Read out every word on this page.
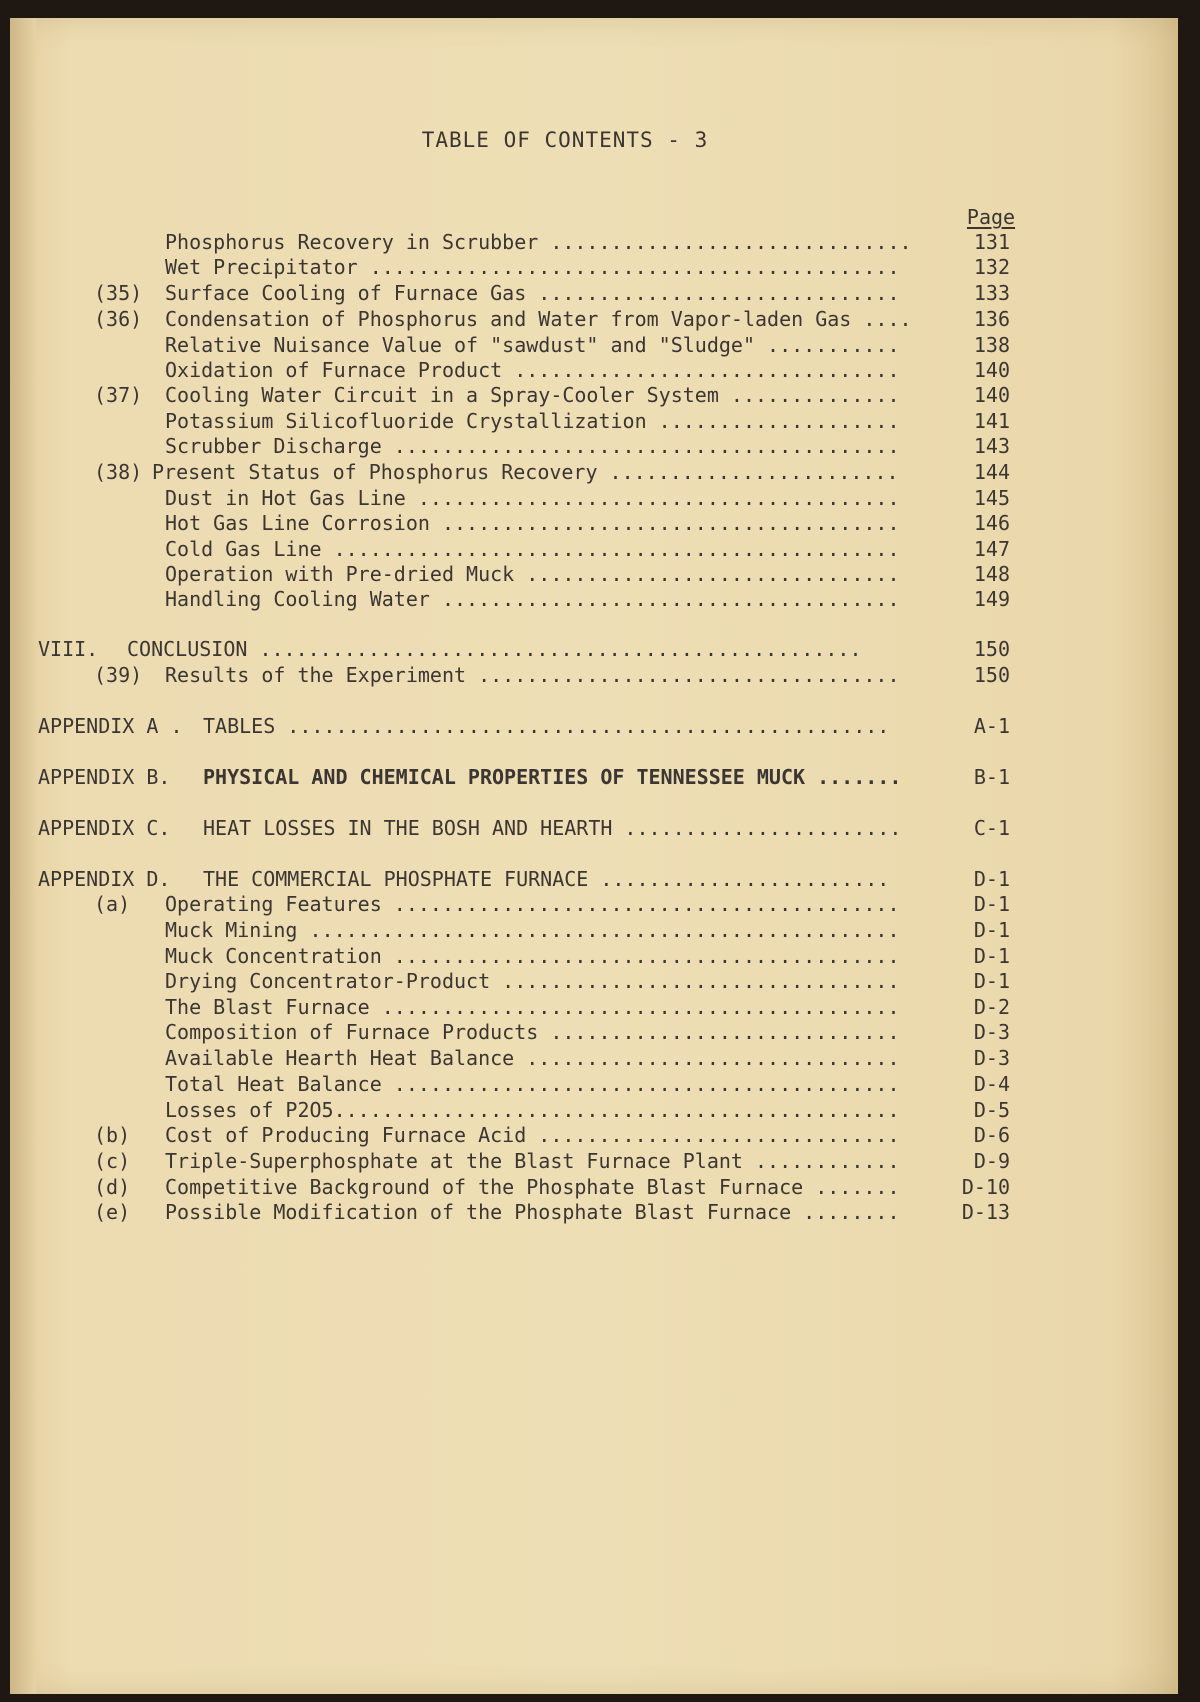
TABLE OF CONTENTS - 3
Page
Phosphorus Recovery in Scrubber ..............................	131
Wet Precipitator ............................................	132
(35) Surface Cooling of Furnace Gas ..............................	133
(36) Condensation of Phosphorus and Water from Vapor-laden Gas ....	136
Relative Nuisance Value of "sawdust" and "Sludge" ...........	138
Oxidation of Furnace Product ................................	140
(37) Cooling Water Circuit in a Spray-Cooler System ..............	140
Potassium Silicofluoride Crystallization ....................	141
Scrubber Discharge ..........................................	143
(38) Present Status of Phosphorus Recovery ........................	144
Dust in Hot Gas Line ........................................	145
Hot Gas Line Corrosion ......................................	146
Cold Gas Line ...............................................	147
Operation with Pre-dried Muck ...............................	148
Handling Cooling Water ......................................	149
VIII. CONCLUSION ..................................................	150
(39) Results of the Experiment ...................................	150
APPENDIX A . TABLES ..................................................	A-1
APPENDIX B. PHYSICAL AND CHEMICAL PROPERTIES OF TENNESSEE MUCK .......	B-1
APPENDIX C. HEAT LOSSES IN THE BOSH AND HEARTH .......................	C-1
APPENDIX D. THE COMMERCIAL PHOSPHATE FURNACE ........................	D-1
(a) Operating Features ..........................................	D-1
Muck Mining .................................................	D-1
Muck Concentration ..........................................	D-1
Drying Concentrator-Product .................................	D-1
The Blast Furnace ...........................................	D-2
Composition of Furnace Products .............................	D-3
Available Hearth Heat Balance ...............................	D-3
Total Heat Balance ..........................................	D-4
Losses of P2O5...............................................	D-5
(b) Cost of Producing Furnace Acid ..............................	D-6
(c) Triple-Superphosphate at the Blast Furnace Plant ............	D-9
(d) Competitive Background of the Phosphate Blast Furnace .......	D-10
(e) Possible Modification of the Phosphate Blast Furnace ........	D-13
